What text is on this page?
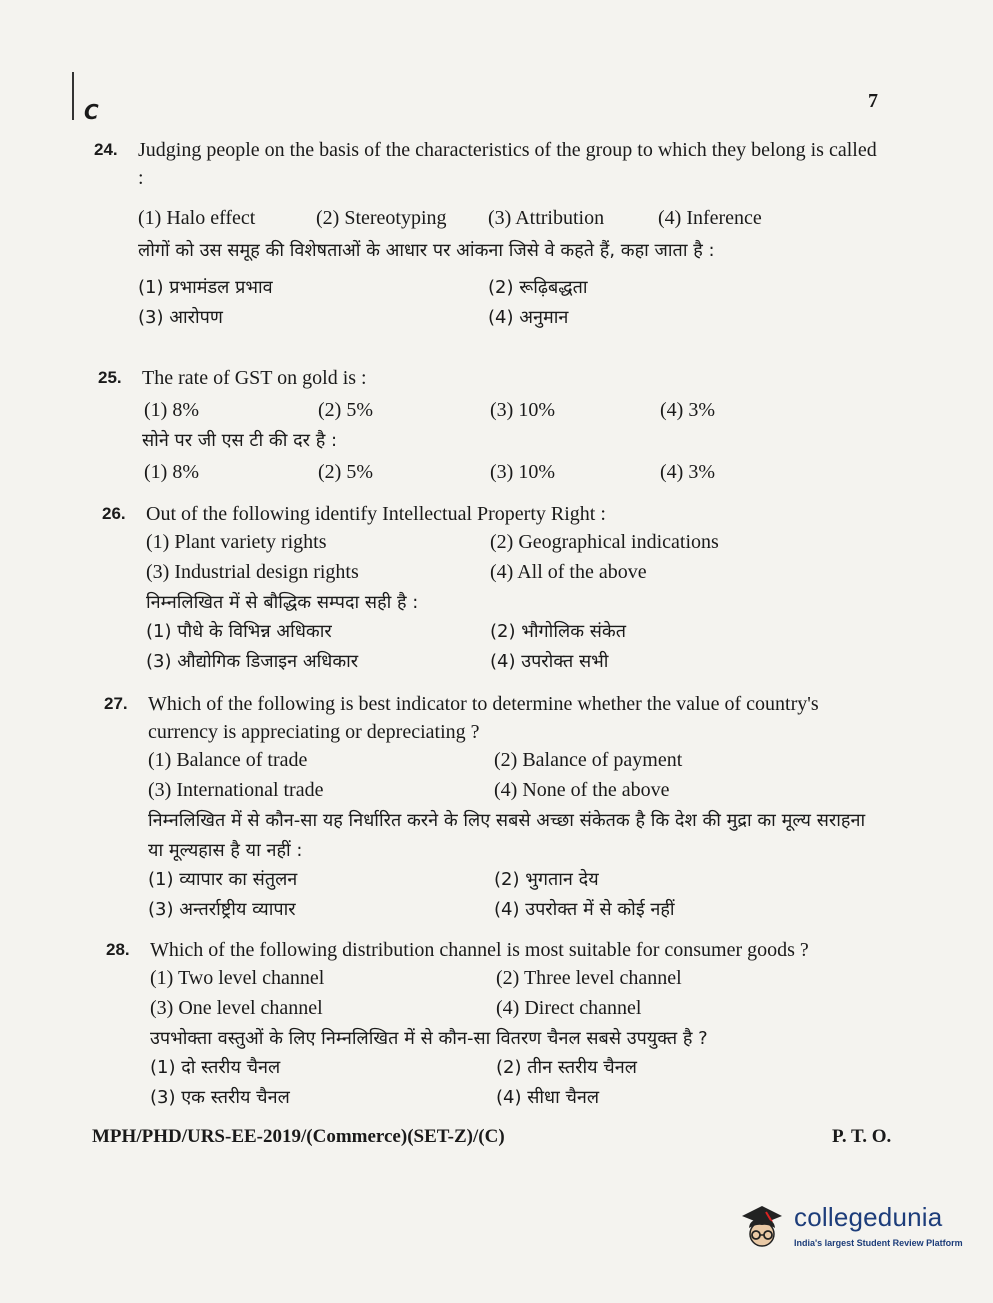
C	7
24. Judging people on the basis of the characteristics of the group to which they belong is called :
(1) Halo effect	(2) Stereotyping (3) Attribution	(4) Inference
लोगों को उस समूह की विशेषताओं के आधार पर आंकना जिसे वे कहते हैं, कहा जाता है :
(1) प्रभामंडल प्रभाव	(2) रूढ़िबद्धता
(3) आरोपण	(4) अनुमान
25. The rate of GST on gold is :
(1) 8%	(2) 5%	(3) 10%	(4) 3%
सोने पर जी एस टी की दर है :
(1) 8%	(2) 5%	(3) 10%	(4) 3%
26. Out of the following identify Intellectual Property Right :
(1) Plant variety rights	(2) Geographical indications
(3) Industrial design rights	(4) All of the above
निम्नलिखित में से बौद्धिक सम्पदा सही है :
(1) पौधे के विभिन्न अधिकार	(2) भौगोलिक संकेत
(3) औद्योगिक डिजाइन अधिकार	(4) उपरोक्त सभी
27. Which of the following is best indicator to determine whether the value of country's currency is appreciating or depreciating ?
(1) Balance of trade	(2) Balance of payment
(3) International trade	(4) None of the above
निम्नलिखित में से कौन-सा यह निर्धारित करने के लिए सबसे अच्छा संकेतक है कि देश की मुद्रा का मूल्य सराहना या मूल्यहास है या नहीं :
(1) व्यापार का संतुलन	(2) भुगतान देय
(3) अन्तर्राष्ट्रीय व्यापार	(4) उपरोक्त में से कोई नहीं
28. Which of the following distribution channel is most suitable for consumer goods ?
(1) Two level channel	(2) Three level channel
(3) One level channel	(4) Direct channel
उपभोक्ता वस्तुओं के लिए निम्नलिखित में से कौन-सा वितरण चैनल सबसे उपयुक्त है ?
(1) दो स्तरीय चैनल	(2) तीन स्तरीय चैनल
(3) एक स्तरीय चैनल	(4) सीधा चैनल
MPH/PHD/URS-EE-2019/(Commerce)(SET-Z)/(C)	P. T. O.
collegedunia
India's largest Student Review Platform
